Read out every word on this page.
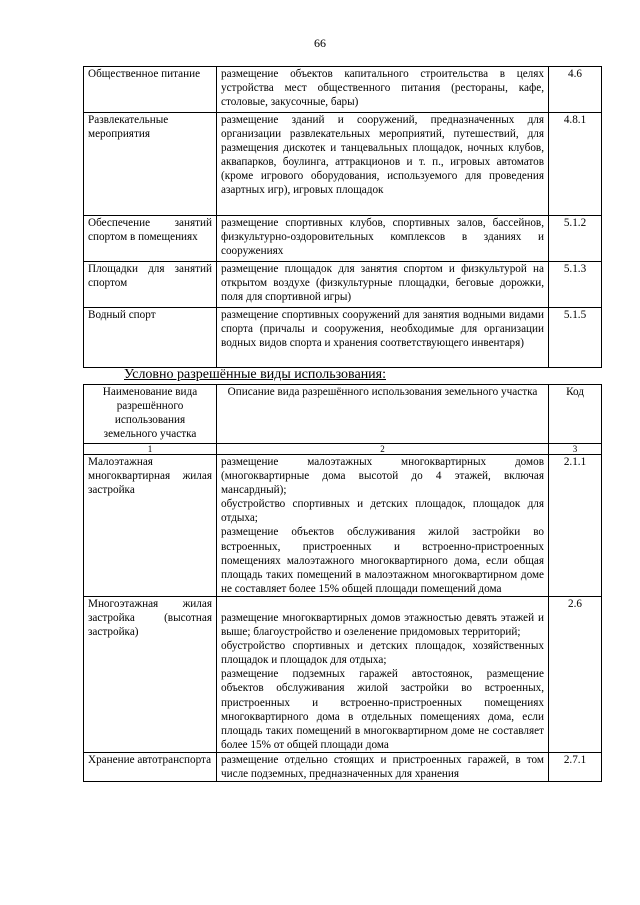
66
Общественное питание	размещение объектов капитального строительства в целях устройства мест общественного питания (рестораны, кафе, столовые, закусочные, бары)	4.6
Развлекательные мероприятия	размещение зданий и сооружений, предназначенных для организации развлекательных мероприятий, путешествий, для размещения дискотек и танцевальных площадок, ночных клубов, аквапарков, боулинга, аттракционов и т. п., игровых автоматов (кроме игрового оборудования, используемого для проведения азартных игр), игровых площадок	4.8.1
Обеспечение занятий спортом в помещениях	размещение спортивных клубов, спортивных залов, бассейнов, физкультурно-оздоровительных комплексов в зданиях и сооружениях	5.1.2
Площадки для занятий спортом	размещение площадок для занятия спортом и физкультурой на открытом воздухе (физкультурные площадки, беговые дорожки, поля для спортивной игры)	5.1.3
Водный спорт	размещение спортивных сооружений для занятия водными видами спорта (причалы и сооружения, необходимые для организации водных видов спорта и хранения соответствующего инвентаря)	5.1.5
Условно разрешённые виды использования:
Наименование вида разрешённого использования земельного участка	Описание вида разрешённого использования земельного участка	Код
1	2	3
Малоэтажная многоквартирная жилая застройка	размещение малоэтажных многоквартирных домов (многоквартирные дома высотой до 4 этажей, включая мансардный);
обустройство спортивных и детских площадок, площадок для отдыха;
размещение объектов обслуживания жилой застройки во встроенных, пристроенных и встроенно-пристроенных помещениях малоэтажного многоквартирного дома, если общая площадь таких помещений в малоэтажном многоквартирном доме не составляет более 15% общей площади помещений дома	2.1.1
Многоэтажная жилая застройка (высотная застройка)	размещение многоквартирных домов этажностью девять этажей и выше; благоустройство и озеленение придомовых территорий;
обустройство спортивных и детских площадок, хозяйственных площадок и площадок для отдыха;
размещение подземных гаражей автостоянок, размещение объектов обслуживания жилой застройки во встроенных, пристроенных и встроенно-пристроенных помещениях многоквартирного дома в отдельных помещениях дома, если площадь таких помещений в многоквартирном доме не составляет более 15% от общей площади дома	2.6
Хранение автотранспорта	размещение отдельно стоящих и пристроенных гаражей, в том числе подземных, предназначенных для хранения	2.7.1
